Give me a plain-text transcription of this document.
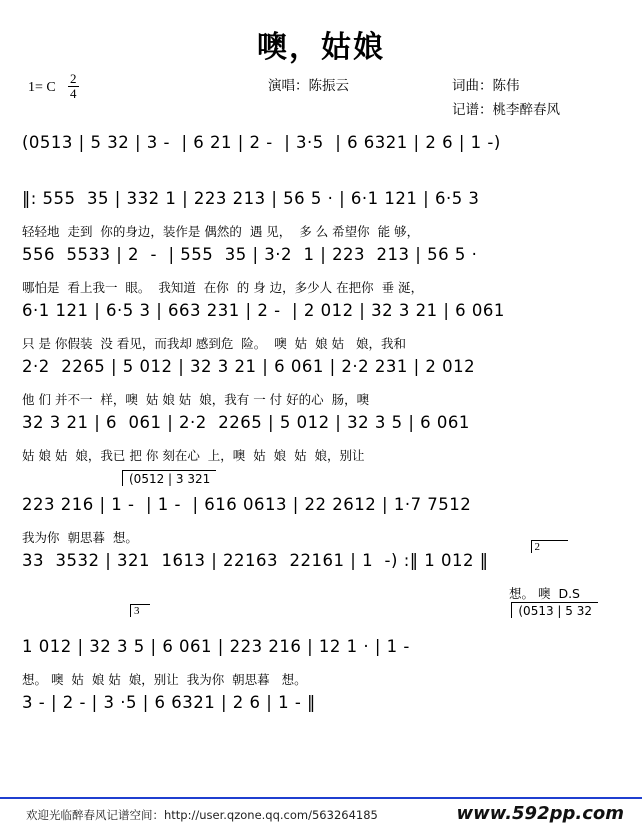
噢，姑娘
演唱：陈振云	词曲：陈伟
记谱：桃李醉春风
1= C $\frac{2}{4}$
(0513 | 5 32 | 3 -  | 6 21 | 2 -  | 3·5  | 6 6321 | 2 6 | 1 -)
‖: 555  35 | 332 1 | 223 213 | 56 5 · | 6·1 121 | 6·5 3
轻轻地  走到  你的身边，装作是 偶然的  遇 见，  多 么 希望你  能 够，
556  5533 | 2  -  | 555  35 | 3·2  1 | 223  213 | 56 5 ·
哪怕是  看上我一  眼。  我知道  在你  的 身 边，多少人 在把你  垂 涎，
6·1 121 | 6·5 3 | 663 231 | 2 -  | 2 012 | 32 3 21 | 6 061
只 是 你假装  没 看见，而我却 感到危  险。  噢  姑  娘 姑   娘，我和
2·2  2265 | 5 012 | 32 3 21 | 6 061 | 2·2 231 | 2 012
他 们 并不一  样，噢  姑 娘 姑  娘，我有 一 付 好的心  肠，噢
32 3 21 | 6  061 | 2·2  2265 | 5 012 | 32 3 5 | 6 061
姑 娘 姑  娘，我已 把 你 刻在心  上，噢  姑  娘  姑  娘，别让
(0512 | 3 321
223 216 | 1 -  | 1 -  | 616 0613 | 22 2612 | 1·7 7512
我为你  朝思暮  想。
2
33  3532 | 321  1613 | 22163  22161 | 1  -) :‖ 1 012 ‖
想。 噢  D.S
3	(0513 | 5 32
1 012 | 32 3 5 | 6 061 | 223 216 | 12 1 · | 1 -
想。 噢  姑  娘 姑  娘，别让  我为你  朝思暮   想。
3 - | 2 - | 3 ·5 | 6 6321 | 2 6 | 1 - ‖
欢迎光临醉春风记谱空间：http://user.qzone.qq.com/563264185	www.592pp.com
